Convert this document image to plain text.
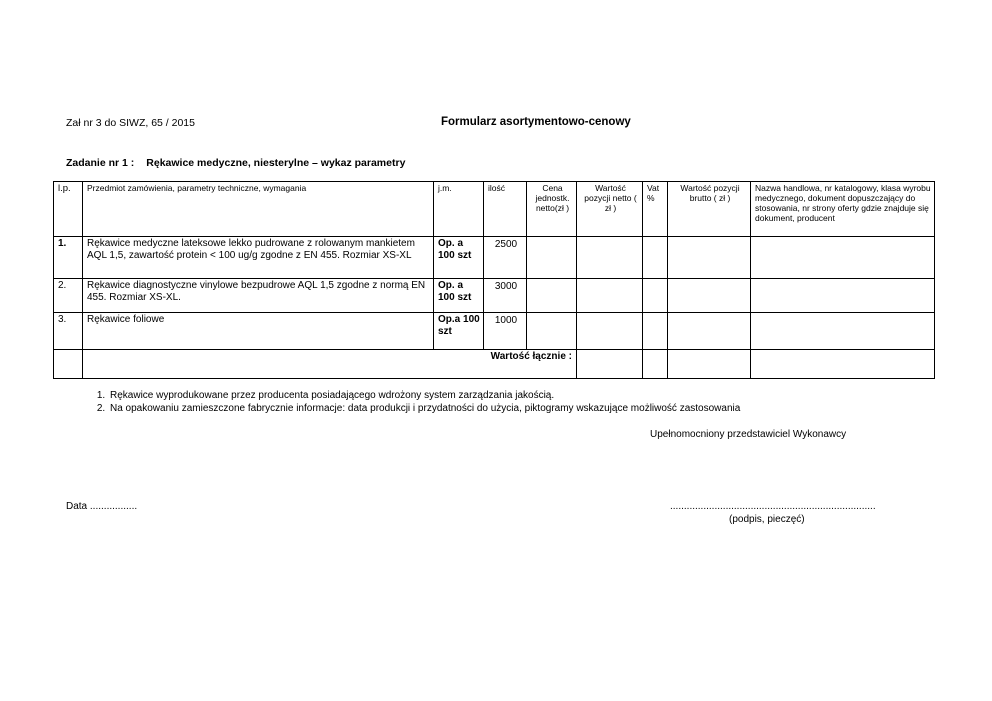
Zał nr 3 do SIWZ, 65 / 2015	Formularz asortymentowo-cenowy
Zadanie nr 1 : Rękawice medyczne, niesterylne – wykaz parametry
l.p.	Przedmiot zamówienia, parametry techniczne, wymagania	j.m.	ilość	Cena jednostk. netto(zł )	Wartość pozycji netto ( zł )	Vat %	Wartość pozycji brutto ( zł )	Nazwa handlowa, nr katalogowy, klasa wyrobu medycznego, dokument dopuszczający do stosowania, nr strony oferty gdzie znajduje się dokument, producent
1.	Rękawice medyczne lateksowe lekko pudrowane z rolowanym mankietem AQL 1,5, zawartość protein < 100 ug/g zgodne z EN 455. Rozmiar XS-XL	Op. a 100 szt	2500					
2.	Rękawice diagnostyczne vinylowe bezpudrowe AQL 1,5 zgodne z normą EN 455. Rozmiar XS-XL.	Op. a 100 szt	3000					
3.	Rękawice foliowe	Op.a 100 szt	1000					
	Wartość łącznie :							
1. Rękawice wyprodukowane przez producenta posiadającego wdrożony system zarządzania jakością.
2. Na opakowaniu zamieszczone fabrycznie informacje: data produkcji i przydatności do użycia, piktogramy wskazujące możliwość zastosowania
Upełnomocniony przedstawiciel Wykonawcy
Data .................	..........................................................................
(podpis, pieczęć)
